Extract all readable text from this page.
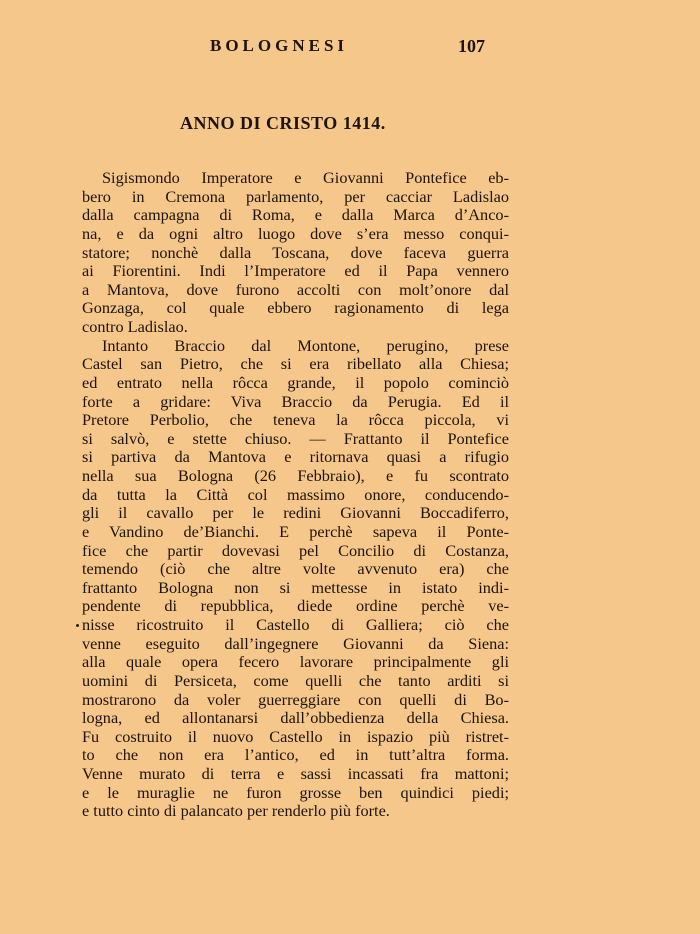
BOLOGNESI	107
ANNO DI CRISTO 1414.
Sigismondo Imperatore e Giovanni Pontefice eb-
bero in Cremona parlamento, per cacciar Ladislao
dalla campagna di Roma, e dalla Marca d’Anco-
na, e da ogni altro luogo dove s’era messo conqui-
statore; nonchè dalla Toscana, dove faceva guerra
ai Fiorentini. Indi l’Imperatore ed il Papa vennero
a Mantova, dove furono accolti con molt’onore dal
Gonzaga, col quale ebbero ragionamento di lega
contro Ladislao.
Intanto Braccio dal Montone, perugino, prese
Castel san Pietro, che si era ribellato alla Chiesa;
ed entrato nella rôcca grande, il popolo cominciò
forte a gridare: Viva Braccio da Perugia. Ed il
Pretore Perbolio, che teneva la rôcca piccola, vi
si salvò, e stette chiuso. — Frattanto il Pontefice
si partiva da Mantova e ritornava quasi a rifugio
nella sua Bologna (26 Febbraio), e fu scontrato
da tutta la Città col massimo onore, conducendo-
gli il cavallo per le redini Giovanni Boccadiferro,
e Vandino de’Bianchi. E perchè sapeva il Ponte-
fice che partir dovevasi pel Concilio di Costanza,
temendo (ciò che altre volte avvenuto era) che
frattanto Bologna non si mettesse in istato indi-
pendente di repubblica, diede ordine perchè ve-
nisse ricostruito il Castello di Galliera; ciò che
venne eseguito dall’ingegnere Giovanni da Siena:
alla quale opera fecero lavorare principalmente gli
uomini di Persiceta, come quelli che tanto arditi si
mostrarono da voler guerreggiare con quelli di Bo-
logna, ed allontanarsi dall’obbedienza della Chiesa.
Fu costruito il nuovo Castello in ispazio più ristret-
to che non era l’antico, ed in tutt’altra forma.
Venne murato di terra e sassi incassati fra mattoni;
e le muraglie ne furon grosse ben quindici piedi;
e tutto cinto di palancato per renderlo più forte.
